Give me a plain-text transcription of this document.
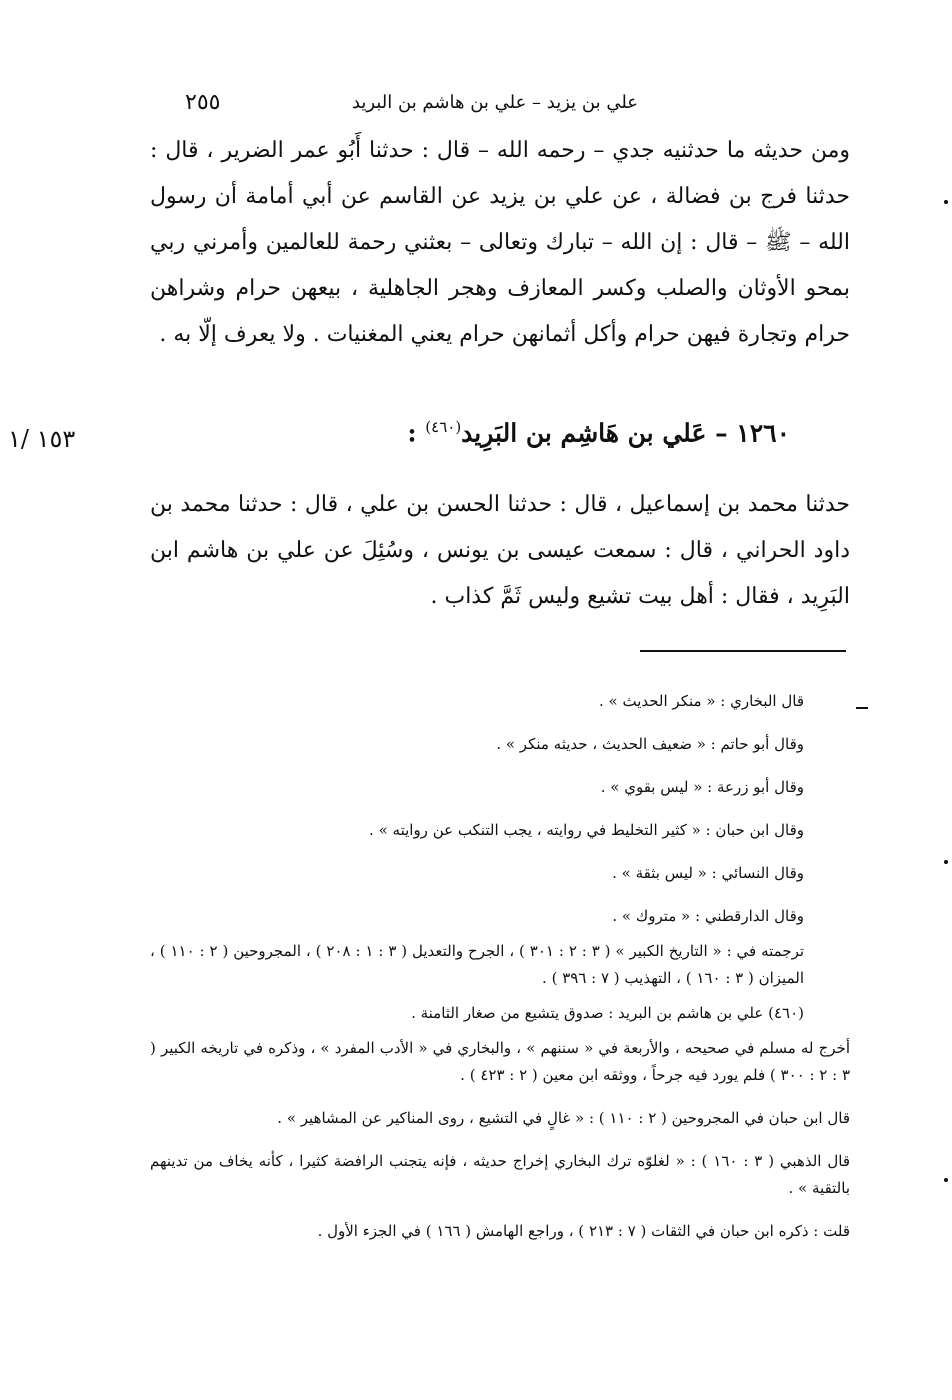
علي بن يزيد – علي بن هاشم بن البريد
٢٥٥

ومن حديثه ما حدثنيه جدي – رحمه الله – قال : حدثنا أَبُو عمر الضرير ، قال : حدثنا فرج بن فضالة ، عن علي بن يزيد عن القاسم عن أبي أمامة أن رسول الله – ﷺ – قال : إن الله – تبارك وتعالى – بعثني رحمة للعالمين وأمرني ربي بمحو الأوثان والصلب وكسر المعازف وهجر الجاهلية ، بيعهن حرام وشراهن حرام وتجارة فيهن حرام وأكل أثمانهن حرام يعني المغنيات . ولا يعرف إلّا به .

١٢٦٠ – عَلي بن هَاشِم بن البَرِيد$^{(٤٦٠)}$ :
١٥٣ /١

حدثنا محمد بن إسماعيل ، قال : حدثنا الحسن بن علي ، قال : حدثنا محمد بن داود الحراني ، قال : سمعت عيسى بن يونس ، وسُئِلَ عن علي بن هاشم ابن البَرِيد ، فقال : أهل بيت تشيع وليس ثَمَّ كذاب .

قال البخاري : « منكر الحديث » .

وقال أبو حاتم : « ضعيف الحديث ، حديثه منكر » .

وقال أبو زرعة : « ليس بقوي » .

وقال ابن حبان : « كثير التخليط في روايته ، يجب التنكب عن روايته » .

وقال النسائي : « ليس بثقة » .

وقال الدارقطني : « متروك » .

ترجمته في : « التاريخ الكبير » ( ٣ : ٢ : ٣٠١ ) ، الجرح والتعديل ( ٣ : ١ : ٢٠٨ ) ، المجروحين ( ٢ : ١١٠ ) ، الميزان ( ٣ : ١٦٠ ) ، التهذيب ( ٧ : ٣٩٦ ) .

(٤٦٠) علي بن هاشم بن البريد : صدوق يتشيع من صغار الثامنة .

أخرج له مسلم في صحيحه ، والأربعة في « سننهم » ، والبخاري في « الأدب المفرد » ، وذكره في تاريخه الكبير ( ٣ : ٢ : ٣٠٠ ) فلم يورد فيه جرحاً ، ووثقه ابن معين ( ٢ : ٤٢٣ ) .

قال ابن حبان في المجروحين ( ٢ : ١١٠ ) : « غالٍ في التشيع ، روى المناكير عن المشاهير » .

قال الذهبي ( ٣ : ١٦٠ ) : « لغلوّه ترك البخاري إخراج حديثه ، فإنه يتجنب الرافضة كثيرا ، كأنه يخاف من تدينهم بالتقية » .

قلت : ذكره ابن حبان في الثقات ( ٧ : ٢١٣ ) ، وراجع الهامش ( ١٦٦ ) في الجزء الأول .
